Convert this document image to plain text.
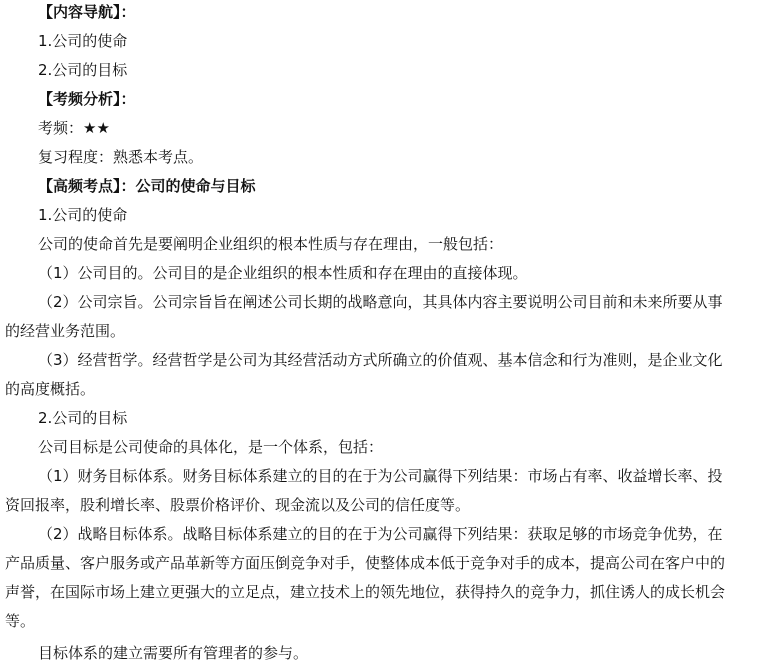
【内容导航】：
1.公司的使命
2.公司的目标
【考频分析】：
考频：★★
复习程度：熟悉本考点。
【高频考点】：公司的使命与目标
1.公司的使命
公司的使命首先是要阐明企业组织的根本性质与存在理由，一般包括：
（1）公司目的。公司目的是企业组织的根本性质和存在理由的直接体现。
（2）公司宗旨。公司宗旨旨在阐述公司长期的战略意向，其具体内容主要说明公司目前和未来所要从事
的经营业务范围。
（3）经营哲学。经营哲学是公司为其经营活动方式所确立的价值观、基本信念和行为准则，是企业文化
的高度概括。
2.公司的目标
公司目标是公司使命的具体化，是一个体系，包括：
（1）财务目标体系。财务目标体系建立的目的在于为公司赢得下列结果：市场占有率、收益增长率、投
资回报率，股利增长率、股票价格评价、现金流以及公司的信任度等。
（2）战略目标体系。战略目标体系建立的目的在于为公司赢得下列结果：获取足够的市场竞争优势，在
产品质量、客户服务或产品革新等方面压倒竞争对手，使整体成本低于竞争对手的成本，提高公司在客户中的
声誉，在国际市场上建立更强大的立足点，建立技术上的领先地位，获得持久的竞争力，抓住诱人的成长机会
等。
目标体系的建立需要所有管理者的参与。
